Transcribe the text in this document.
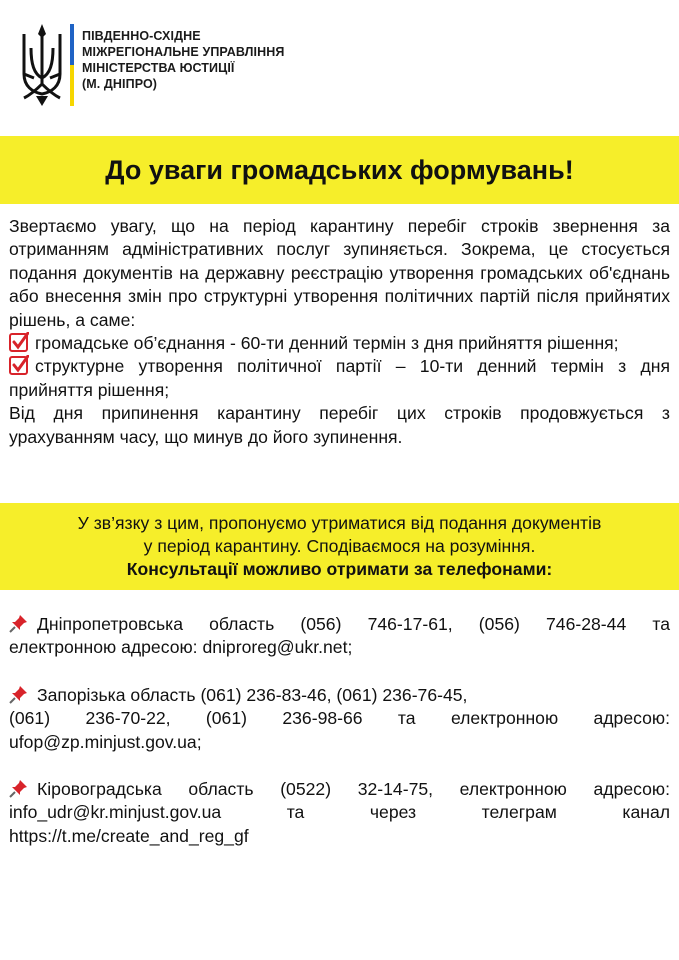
ПІВДЕННО-СХІДНЕ
МІЖРЕГІОНАЛЬНЕ УПРАВЛІННЯ
МІНІСТЕРСТВА ЮСТИЦІЇ
(М. ДНІПРО)
До уваги громадських формувань!

Звертаємо увагу, що на період карантину перебіг строків звернення за отриманням адміністративних послуг зупиняється. Зокрема, це стосується подання документів на державну реєстрацію утворення громадських об'єднань або внесення змін про структурні утворення політичних партій після прийнятих рішень, а саме:

громадське об’єднання - 60-ти денний термін з дня прийняття рішення;

структурне утворення політичної партії – 10-ти денний термін з дня прийняття рішення;

Від дня припинення карантину перебіг цих строків продовжується з урахуванням часу, що минув до його зупинення.

У зв’язку з цим, пропонуємо утриматися від подання документів
у період карантину. Сподіваємося на розуміння.
Консультації можливо отримати за телефонами:
Дніпропетровська область (056) 746-17-61, (056) 746-28-44 та
електронною адресою: dniproreg@ukr.net;
Запорізька область (061) 236-83-46, (061) 236-76-45,
(061) 236-70-22, (061) 236-98-66 та електронною адресою:
ufop@zp.minjust.gov.ua;
Кіровоградська область (0522) 32-14-75, електронною адресою:
info_udr@kr.minjust.gov.ua та через телеграм канал
https://t.me/create_and_reg_gf
